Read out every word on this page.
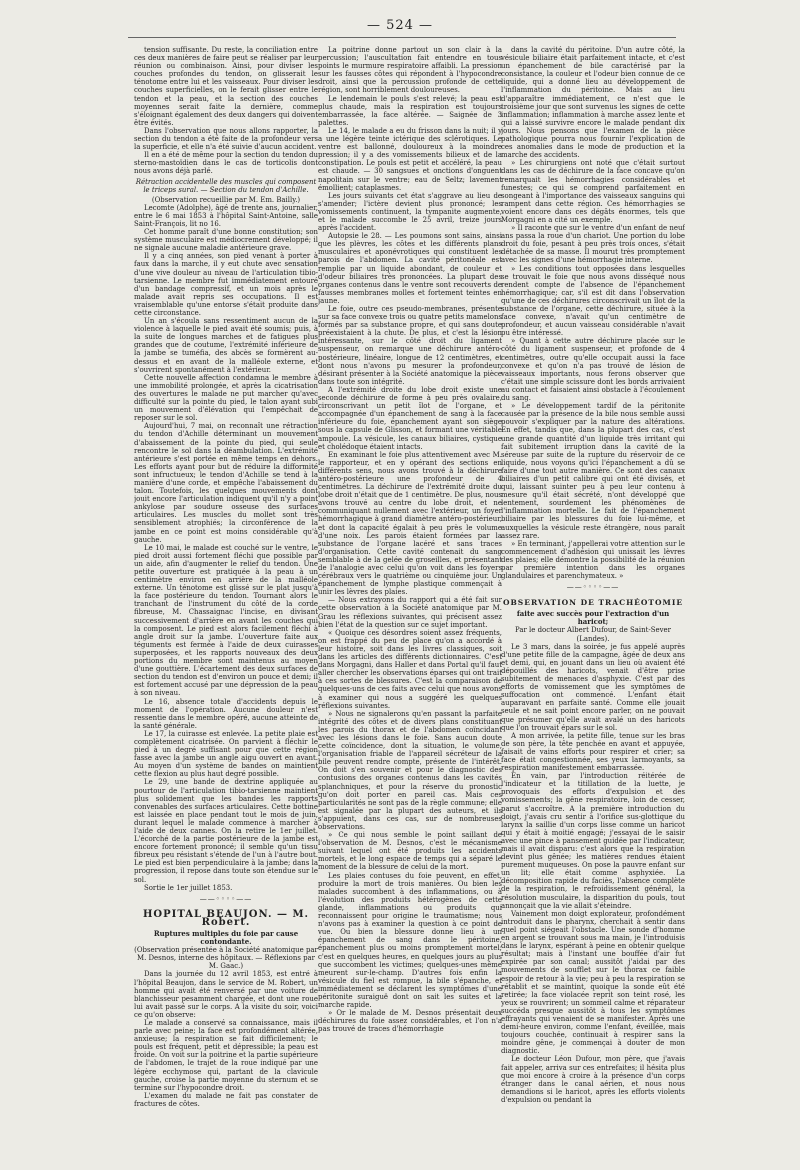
— 524 —

tension suffisante. Du reste, la conciliation entre ces deux manières de faire peut se réaliser par leur réunion ou combinaison. Ainsi, pour diviser les couches profondes du tendon, on glisserait le ténotome entre lui et les vaisseaux. Pour diviser les couches superficielles, on le ferait glisser entre le tendon et la peau, et la section des couches moyennes serait faite la dernière, comme s'éloignant également des deux dangers qui doivent être évités.

Dans l'observation que nous allons rapporter, la section du tendon a été faite de la profondeur vers la superficie, et elle n'a été suivie d'aucun accident.

Il en a été de même pour la section du tendon du sterno-mastoïdien dans le cas de torticolis dont nous avons déjà parlé.

Rétraction accidentelle des muscles qui composent le triceps sural. — Section du tendon d'Achille.

(Observation recueillie par M. Em. Bailly.)

Lecomte (Adolphe), âgé de trente ans, journalier, entre le 6 mai 1853 à l'hôpital Saint-Antoine, salle Saint-François, lit no 16.

Cet homme paraît d'une bonne constitution; son système musculaire est médiocrement développé; il ne signale aucune maladie antérieure grave.

Il y a cinq années, son pied venant à porter à faux dans la marche, il y eut chute avec sensation d'une vive douleur au niveau de l'articulation tibio-tarsienne. Le membre fut immédiatement entouré d'un bandage compressif, et un mois après le malade avait repris ses occupations. Il est vraisemblable qu'une entorse s'était produite dans cette circonstance.

Un an s'écoula sans ressentiment aucun de la violence à laquelle le pied avait été soumis; puis, à la suite de longues marches et de fatigues plus grandes que de coutume, l'extrémité inférieure de la jambe se tuméfia, des abcès se formèrent au-dessus et en avant de la malléole externe, et s'ouvrirent spontanément à l'extérieur.

Cette nouvelle affection condamna le membre à une immobilité prolongée, et après la cicatrisation des ouvertures le malade ne put marcher qu'avec difficulté sur la pointe du pied, le talon ayant subi un mouvement d'élévation qui l'empêchait de reposer sur le sol.

Aujourd'hui, 7 mai, on reconnaît une rétraction du tendon d'Achille déterminant un mouvement d'abaissement de la pointe du pied, qui seule rencontre le sol dans la déambulation. L'extrémité antérieure s'est portée en même temps en dehors. Les efforts ayant pour but de réduire la difformité sont infructueux; le tendon d'Achille se tend à la manière d'une corde, et empêche l'abaissement du talon. Toutefois, les quelques mouvements dont jouit encore l'articulation indiquent qu'il n'y a point ankylose par soudure osseuse des surfaces articulaires. Les muscles du mollet sont très sensiblement atrophiés; la circonférence de la jambe en ce point est moins considérable qu'à gauche.

Le 10 mai, le malade est couché sur le ventre, le pied droit aussi fortement fléchi que possible par un aide, afin d'augmenter le relief du tendon. Une petite ouverture est pratiquée à la peau à un centimètre environ en arrière de la malléole externe. Un ténotome est glissé sur le plat jusqu'à la face postérieure du tendon. Tournant alors le tranchant de l'instrument du côté de la corde fibreuse, M. Chassaignac l'incise, en divisant successivement d'arrière en avant les couches qui la composent. Le pied est alors facilement fléchi à angle droit sur la jambe. L'ouverture faite aux téguments est fermée à l'aide de deux cuirasses superposées, et les rapports nouveaux des deux portions du membre sont maintenus au moyen d'une gouttière. L'écartement des deux surfaces de section du tendon est d'environ un pouce et demi; il est fortement accusé par une dépression de la peau à son niveau.

Le 16, absence totale d'accidents depuis le moment de l'opération. Aucune douleur n'est ressentie dans le membre opéré, aucune atteinte de la santé générale.

Le 17, la cuirasse est enlevée. La petite plaie est complètement cicatrisée. On parvient à fléchir le pied à un degré suffisant pour que cette région fasse avec la jambe un angle aigu ouvert en avant. Au moyen d'un système de bandes on maintient cette flexion au plus haut degré possible.

Le 29, une bande de dextrine appliquée au pourtour de l'articulation tibio-tarsienne maintient plus solidement que les bandes les rapports convenables des surfaces articulaires. Cette bottine est laissée en place pendant tout le mois de juin, durant lequel le malade commence à marcher à l'aide de deux cannes. On la retire le 1er juillet. L'écorché de la partie postérieure de la jambe est encore fortement prononcé; il semble qu'un tissu fibreux peu résistant s'étende de l'un à l'autre bout. Le pied est bien perpendiculaire à la jambe; dans la progression, il repose dans toute son étendue sur le sol.

Sortie le 1er juillet 1853.

——◦◦◦◦——
HOPITAL BEAUJON. — M. Robert.

Ruptures multiples du foie par cause contondante.

(Observation présentée à la Société anatomique par M. Desnos, interne des hôpitaux. — Réflexions par M. Gaac.)

Dans la journée du 12 avril 1853, est entré à l'hôpital Beaujon, dans le service de M. Robert, un homme qui avait été renversé par une voiture de blanchisseur pesamment chargée, et dont une roue lui avait passé sur le corps. A la visite du soir, voici ce qu'on observe:

Le malade a conservé sa connaissance, mais il parle avec peine; la face est profondément altérée, anxieuse; la respiration se fait difficilement; le pouls est fréquent, petit et dépressible; la peau est froide. On voit sur la poitrine et la partie supérieure de l'abdomen, le trajet de la roue indiqué par une légère ecchymose qui, partant de la clavicule gauche, croise la partie moyenne du sternum et se termine sur l'hypocondre droit.

L'examen du malade ne fait pas constater de fractures de côtes.

La poitrine donne partout un son clair à la percussion; l'auscultation fait entendre en tous points le murmure respiratoire affaibli. La pression sur les fausses côtes qui répondent à l'hypocondre droit, ainsi que la percussion profonde de cette région, sont horriblement douloureuses.

Le lendemain le pouls s'est relevé; la peau est plus chaude, mais la respiration est toujours embarrassée, la face altérée. — Saignée de 3 palettes.

Le 14, le malade a eu du frisson dans la nuit; il y a une légère teinte ictérique des sclérotiques. Le ventre est ballonné, douloureux à la moindre pression; il y a des vomissements bilieux et de la constipation. Le pouls est petit et accéléré, la peau est chaude. — 30 sangsues et onctions d'onguent napolitain sur le ventre; eau de Seltz; lavement émollient; cataplasmes.

Les jours suivants cet état s'aggrave au lieu de s'amender; l'ictère devient plus prononcé; les vomissements continuent, la tympanite augmente, et le malade succombe le 25 avril, treize jours après l'accident.

Autopsie le 28. — Les poumons sont sains, ainsi que les plèvres, les côtes et les différents plans musculaires et aponévrotiques qui constituent les parois de l'abdomen. La cavité péritonéale est remplie par un liquide abondant, de couleur et d'odeur biliaires très prononcées. La plupart des organes contenus dans le ventre sont recouverts de fausses membranes molles et fortement teintes en jaune.

Le foie, outre ces pseudo-membranes, présente sur sa face convexe trois ou quatre petits mamelons formés par sa substance propre, et qui sans doute préexistaient à la chute. De plus, et c'est la lésion intéressante, sur le côté droit du ligament suspenseur, on remarque une déchirure antéro-postérieure, linéaire, longue de 12 centimètres, et dont nous n'avons pu mesurer la profondeur, désirant présenter à la Société anatomique la pièce dans toute son intégrité.

A l'extrémité droite du lobe droit existe une seconde déchirure de forme à peu près ovalaire, circonscrivant un petit îlot de l'organe, et accompagnée d'un épanchement de sang à la face inférieure du foie, épanchement ayant son siège sous la capsule de Glisson, et formant une véritable ampoule. La vésicule, les canaux biliaires, cystique et cholédoque étaient intacts.

En examinant le foie plus attentivement avec M. le rapporteur, et en y opérant des sections en différents sens, nous avons trouvé à la déchirure antéro-postérieure une profondeur de 4 centimètres. La déchirure de l'extrémité droite du lobe droit n'était que de 1 centimètre. De plus, nous avons trouvé au centre du lobe droit, et ne communiquant nullement avec l'extérieur, un foyer hémorrhagique à grand diamètre antéro-postérieur, et dont la capacité égalait à peu près le volume d'une noix. Les parois étaient formées par la substance de l'organe lacéré et sans traces d'organisation. Cette cavité contenait du sang semblable à de la gelée de groseilles, et présentant de l'analogie avec celui qu'on voit dans les foyers cérébraux vers le quatrième ou cinquième jour. Un épanchement de lymphe plastique commençait à unir les lèvres des plaies.

— Nous extrayons du rapport qui a été fait sur cette observation à la Société anatomique par M. Grau les réflexions suivantes, qui précisent assez bien l'état de la question sur ce sujet important.

« Quoique ces désordres soient assez fréquents, on est frappé du peu de place qu'on a accordé à leur histoire, soit dans les livres classiques, soit dans les articles des différents dictionnaires. C'est dans Morgagni, dans Haller et dans Portal qu'il faut aller chercher les observations éparses qui ont trait à ces sortes de blessures. C'est la comparaison de quelques-uns de ces faits avec celui que nous avons à examiner qui nous a suggéré les quelques réflexions suivantes.

» Nous ne signalerons qu'en passant la parfaite intégrité des côtes et de divers plans constituant les parois du thorax et de l'abdomen coïncidant avec les lésions dans le foie. Sans aucun doute cette coïncidence, dont la situation, le volume, l'organisation friable de l'appareil sécréteur de la bile peuvent rendre compte, présente de l'intérêt. On doit s'en souvenir et pour le diagnostic des contusions des organes contenus dans les cavités splanchniques, et pour la réserve du pronostic qu'on doit porter en pareil cas. Mais ces particularités ne sont pas de la règle commune; elle est signalée par la plupart des auteurs, et ils s'appuient, dans ces cas, sur de nombreuses observations.

» Ce qui nous semble le point saillant de l'observation de M. Desnos, c'est le mécanisme suivant lequel ont été produits les accidents mortels, et le long espace de temps qui a séparé le moment de la blessure de celui de la mort.

Les plaies contuses du foie peuvent, en effet, produire la mort de trois manières. Ou bien les malades succombent à des inflammations, ou à l'évolution des produits hétérogènes de cette glande, inflammations ou produits qui reconnaissent pour origine le traumatisme; nous n'avons pas à examiner la question à ce point de vue. Ou bien la blessure donne lieu à un épanchement de sang dans le péritoine, épanchement plus ou moins promptement mortel; c'est en quelques heures, en quelques jours au plus que succombent les victimes; quelques-unes même meurent sur-le-champ. D'autres fois enfin la vésicule du fiel est rompue, la bile s'épanche, et immédiatement se déclarent les symptômes d'une péritonite suraiguë dont on sait les suites et la marche rapide.

» Or le malade de M. Desnos présentait deux déchirures du foie assez considérables, et l'on n'a pas trouvé de traces d'hémorrhagie

dans la cavité du péritoine. D'un autre côté, la vésicule biliaire était parfaitement intacte, et c'est un épanchement de bile caractérisé par la consistance, la couleur et l'odeur bien connue de ce liquide, qui a donné lieu au développement de l'inflammation du péritoine. Mais au lieu d'apparaître immédiatement, ce n'est que le troisième jour que sont survenus les signes de cette inflammation; inflammation à marche assez lente et qui a laissé survivre encore le malade pendant dix jours. Nous pensons que l'examen de la pièce pathologique pourra nous fournir l'explication de ces anomalies dans le mode de production et la marche des accidents.

» Les chirurgiens ont noté que c'était surtout dans les cas de déchirure de la face concave qu'on remarquait les hémorrhagies considérables et funestes; ce qui se comprend parfaitement en songeant à l'importance des vaisseaux sanguins qui rampent dans cette région. Ces hémorrhagies se voient encore dans ces dégâts énormes, tels que Morgagni en a cité un exemple.

» Il raconte que sur le ventre d'un enfant de neuf ans passa la roue d'un chariot. Une portion du lobe droit du foie, pesant à peu près trois onces, s'était détachée de sa masse. Il mourut très promptement avec les signes d'une hémorrhagie interne.

» Les conditions tout opposées dans lesquelles se trouvait le foie que nous avons disséqué nous rendent compte de l'absence de l'épanchement hémorrhagique; car, s'il est dit dans l'observation qu'une de ces déchirures circonscrivait un îlot de la substance de l'organe, cette déchirure, située à la face convexe, n'avait qu'un centimètre de profondeur, et aucun vaisseau considérable n'avait pu être intéressé.

» Quant à cette autre déchirure placée sur le côté du ligament suspenseur, et profonde de 4 centimètres, outre qu'elle occupait aussi la face convexe et qu'on n'a pas trouvé de lésion de vaisseaux importants, nous ferons observer que c'était une simple scissure dont les bords arrivaient au contact et faisaient ainsi obstacle à l'écoulement du sang.

» Le développement tardif de la péritonite causée par la présence de la bile nous semble aussi pouvoir s'expliquer par la nature des altérations. En effet, tandis que, dans la plupart des cas, c'est une grande quantité d'un liquide très irritant qui fait subitement irruption dans la cavité de la séreuse par suite de la rupture du réservoir de ce liquide, nous voyons qu'ici l'épanchement a dû se faire d'une tout autre manière. Ce sont des canaux biliaires d'un petit calibre qui ont été divisés, et qui, laissant suinter peu à peu leur contenu à mesure qu'il était sécrété, n'ont développé que lentement, sourdement les phénomènes de l'inflammation mortelle. Le fait de l'épanchement biliaire par les blessures du foie lui-même, et auxquelles la vésicule reste étrangère, nous paraît assez rare.

» En terminant, j'appellerai votre attention sur le commencement d'adhésion qui unissait les lèvres des plaies; elle démontre la possibilité de la réunion par première intention dans les organes glandulaires et parenchymateux. »

——◦◦◦◦——
OBSERVATION DE TRACHÉOTOMIE

faite avec succès pour l'extraction d'un haricot;

Par le docteur Albert Dufour, de Saint-Sever (Landes).

Le 3 mars, dans la soirée, je fus appelé auprès d'une petite fille de la campagne, âgée de deux ans et demi, qui, en jouant dans un lieu où avaient été dépouillés des haricots, venait d'être prise subitement de menaces d'asphyxie. C'est par des efforts de vomissement que les symptômes de suffocation ont commencé. L'enfant était auparavant en parfaite santé. Comme elle jouait seule et ne sait point encore parler, on ne pouvait que présumer qu'elle avait avalé un des haricots que l'on trouvait épars sur le sol.

A mon arrivée, la petite fille, tenue sur les bras de son père, la tête penchée en avant et appuyée, faisait de vains efforts pour respirer et crier; sa face était congestionnée, ses yeux larmoyants, sa respiration manifestement embarrassée.

En vain, par l'introduction réitérée de l'indicateur et la titillation de la luette, je provoquais des efforts d'expulsion et des vomissements; la gêne respiratoire, loin de cesser, parut s'accroître. A la première introduction du doigt, j'avais cru sentir à l'orifice sus-glottique du larynx la saillie d'un corps lisse comme un haricot qui y était à moitié engagé; j'essayai de le saisir avec une pince à pansement guidée par l'indicateur, mais il avait disparu: c'est alors que la respiration devint plus gênée; les matières rendues étaient purement muqueuses. On pose la pauvre enfant sur un lit; elle était comme asphyxiée. La décomposition rapide du faciès, l'absence complète de la respiration, le refroidissement général, la résolution musculaire, la disparition du pouls, tout annonçait que la vie allait s'éteindre.

Vainement mon doigt explorateur, profondément introduit dans le pharynx, cherchait à sentir dans quel point siégeait l'obstacle. Une sonde d'homme en argent se trouvant sous ma main, je l'introduisis dans le larynx, espérant à peine en obtenir quelque résultat; mais à l'instant une bouffée d'air fut expirée par son canal; aussitôt j'aidai par des mouvements de soufflet sur le thorax ce faible espoir de retour à la vie; peu à peu la respiration se rétablit et se maintint, quoique la sonde eût été retirée; la face violacée reprit son teint rosé, les yeux se rouvrirent; un sommeil calme et réparateur succéda presque aussitôt à tous les symptômes effrayants qui venaient de se manifester. Après une demi-heure environ, comme l'enfant, éveillée, mais toujours couchée, continuait à respirer sans la moindre gêne, je commençai à douter de mon diagnostic.

Le docteur Léon Dufour, mon père, que j'avais fait appeler, arriva sur ces entrefaites; il hésita plus que moi encore à croire à la présence d'un corps étranger dans le canal aérien, et nous nous demandions si le haricot, après les efforts violents d'expulsion ou pendant la
